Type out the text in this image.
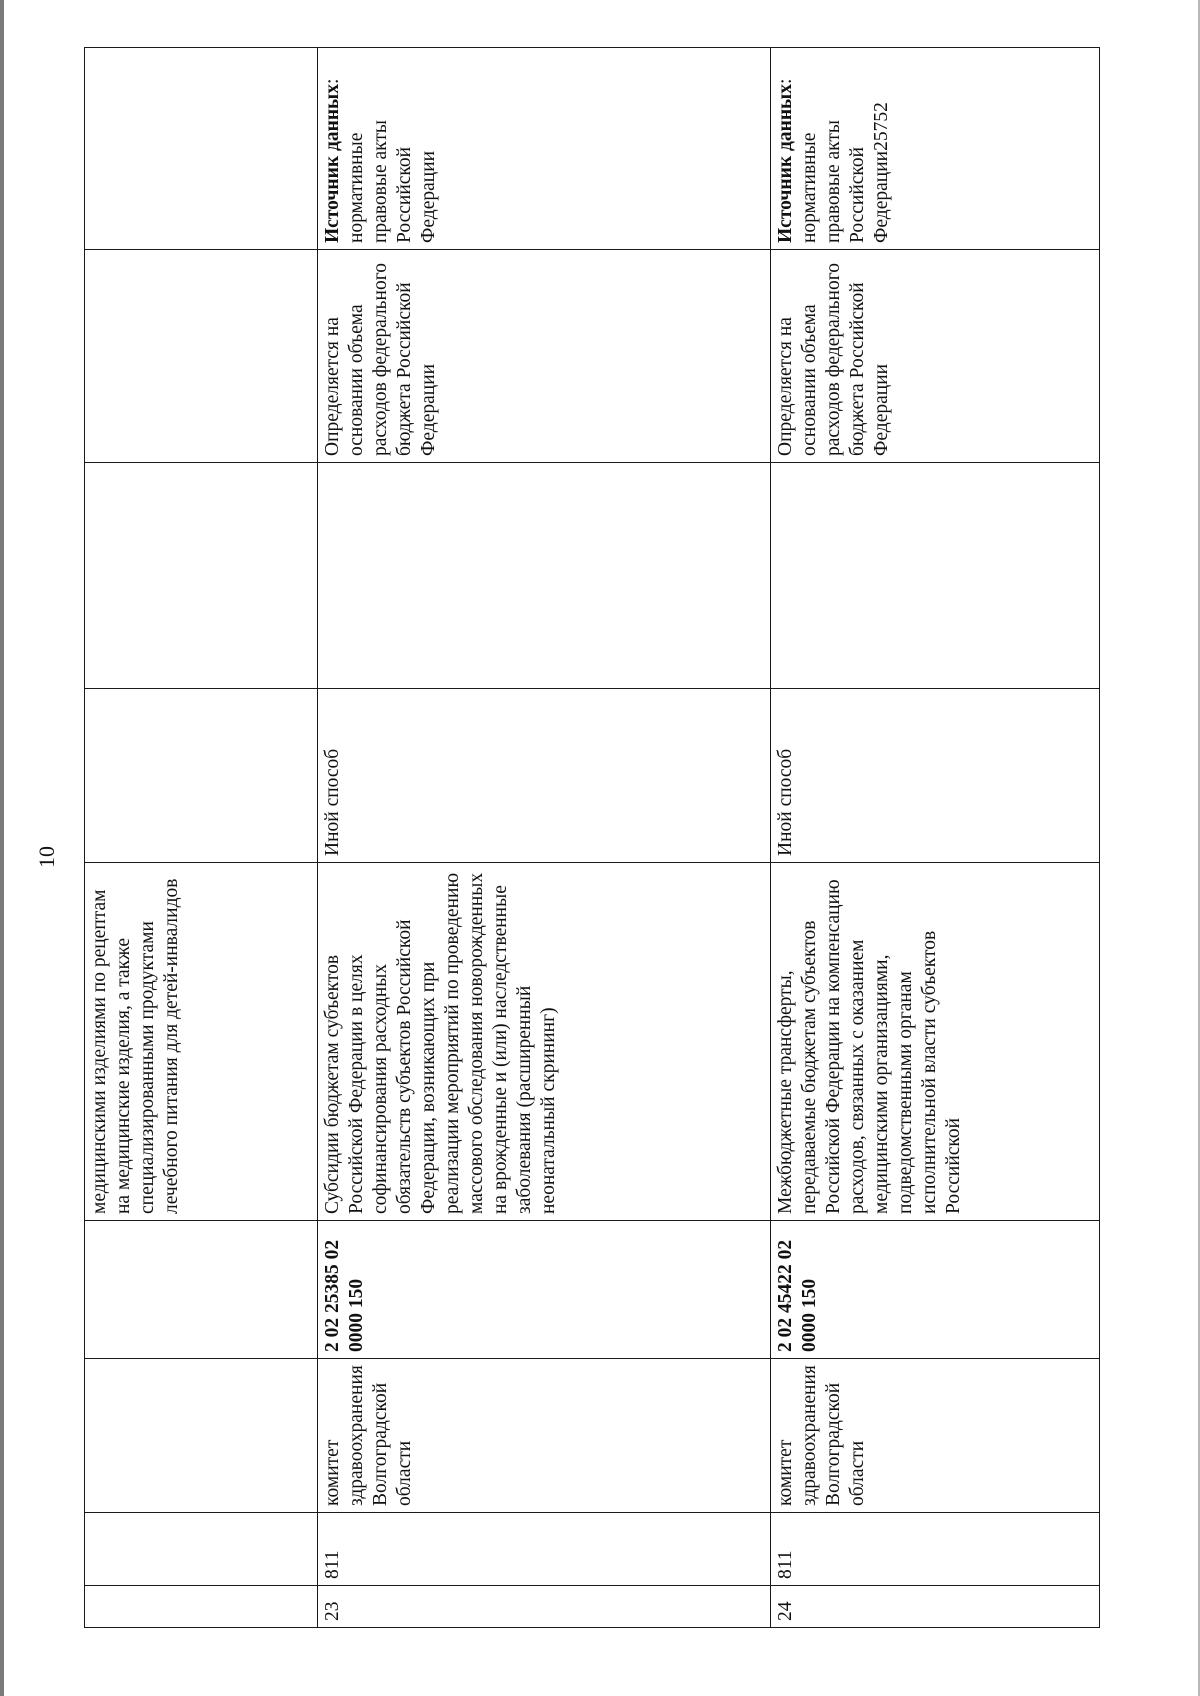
10
				медицинскими изделиями по рецептам на медицинские изделия, а также специализированными продуктами лечебного питания для детей-инвалидов				
23	811	комитет здравоохранения Волгоградской области	2 02 25385 02 0000 150	Субсидии бюджетам субъектов Российской Федерации в целях софинансирования расходных обязательств субъектов Российской Федерации, возникающих при реализации мероприятий по проведению массового обследования новорожденных на врожденные и (или) наследственные заболевания (расширенный неонатальный скрининг)	Иной способ		Определяется на основании объема расходов федерального бюджета Российской Федерации	Источник данных: нормативные правовые акты Российской Федерации
24	811	комитет здравоохранения Волгоградской области	2 02 45422 02 0000 150	Межбюджетные трансферты, передаваемые бюджетам субъектов Российской Федерации на компенсацию расходов, связанных с оказанием медицинскими организациями, подведомственными органам исполнительной власти субъектов Российской	Иной способ		Определяется на основании объема расходов федерального бюджета Российской Федерации	Источник данных: нормативные правовые акты Российской Федерации25752
